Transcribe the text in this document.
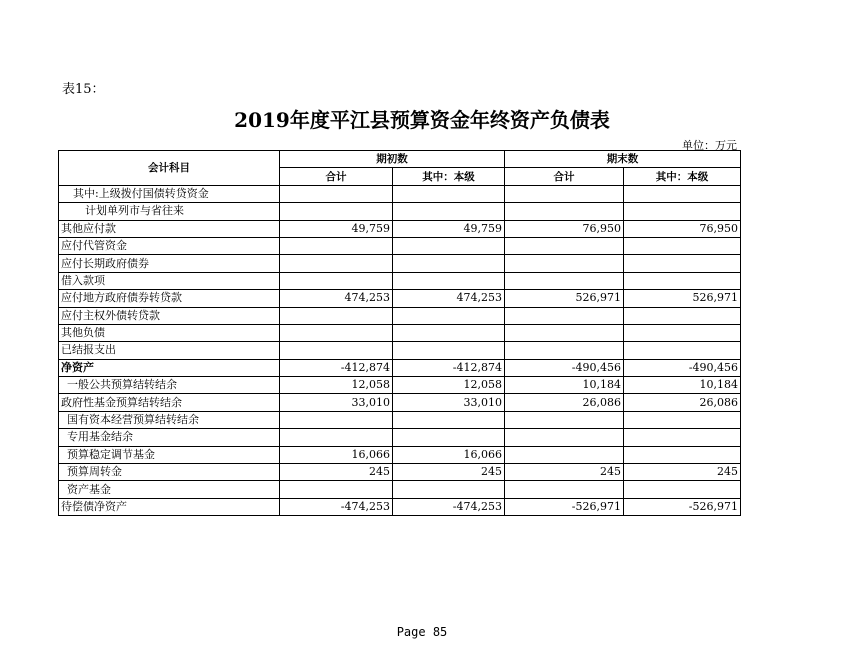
表15：
2019年度平江县预算资金年终资产负债表
单位：万元
会计科目	期初数		期末数	
	合计	其中：本级	合计	其中：本级
其中:上级拨付国债转贷资金				
计划单列市与省往来				
其他应付款	49,759	49,759	76,950	76,950
应付代管资金				
应付长期政府债券				
借入款项				
应付地方政府债券转贷款	474,253	474,253	526,971	526,971
应付主权外债转贷款				
其他负债				
已结报支出				
净资产	-412,874	-412,874	-490,456	-490,456
一般公共预算结转结余	12,058	12,058	10,184	10,184
政府性基金预算结转结余	33,010	33,010	26,086	26,086
国有资本经营预算结转结余				
专用基金结余				
预算稳定调节基金	16,066	16,066		
预算周转金	245	245	245	245
资产基金				
待偿债净资产	-474,253	-474,253	-526,971	-526,971
Page 85
